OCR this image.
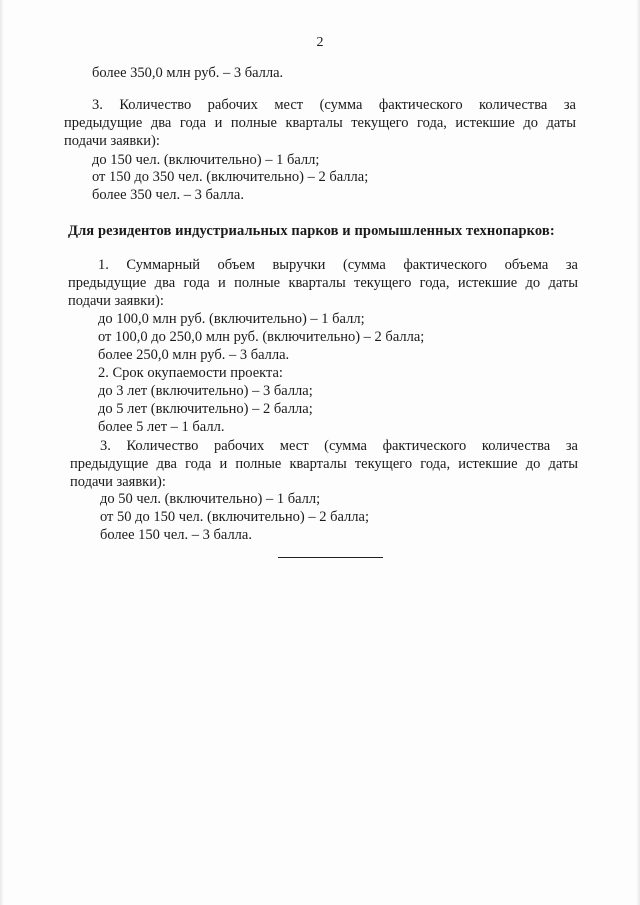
2
более 350,0 млн руб. – 3 балла.
3. Количество рабочих мест (сумма фактического количества за
предыдущие два года и полные кварталы текущего года, истекшие до даты
подачи заявки):
до 150 чел. (включительно) – 1 балл;
от 150 до 350 чел. (включительно) – 2 балла;
более 350 чел. – 3 балла.
Для резидентов индустриальных парков и промышленных технопарков:
1. Суммарный объем выручки (сумма фактического объема за
предыдущие два года и полные кварталы текущего года, истекшие до даты
подачи заявки):
до 100,0 млн руб. (включительно) – 1 балл;
от 100,0 до 250,0 млн руб. (включительно) – 2 балла;
более 250,0 млн руб. – 3 балла.
2. Срок окупаемости проекта:
до 3 лет (включительно) – 3 балла;
до 5 лет (включительно) – 2 балла;
более 5 лет – 1 балл.
3. Количество рабочих мест (сумма фактического количества за
предыдущие два года и полные кварталы текущего года, истекшие до даты
подачи заявки):
до 50 чел. (включительно) – 1 балл;
от 50 до 150 чел. (включительно) – 2 балла;
более 150 чел. – 3 балла.
